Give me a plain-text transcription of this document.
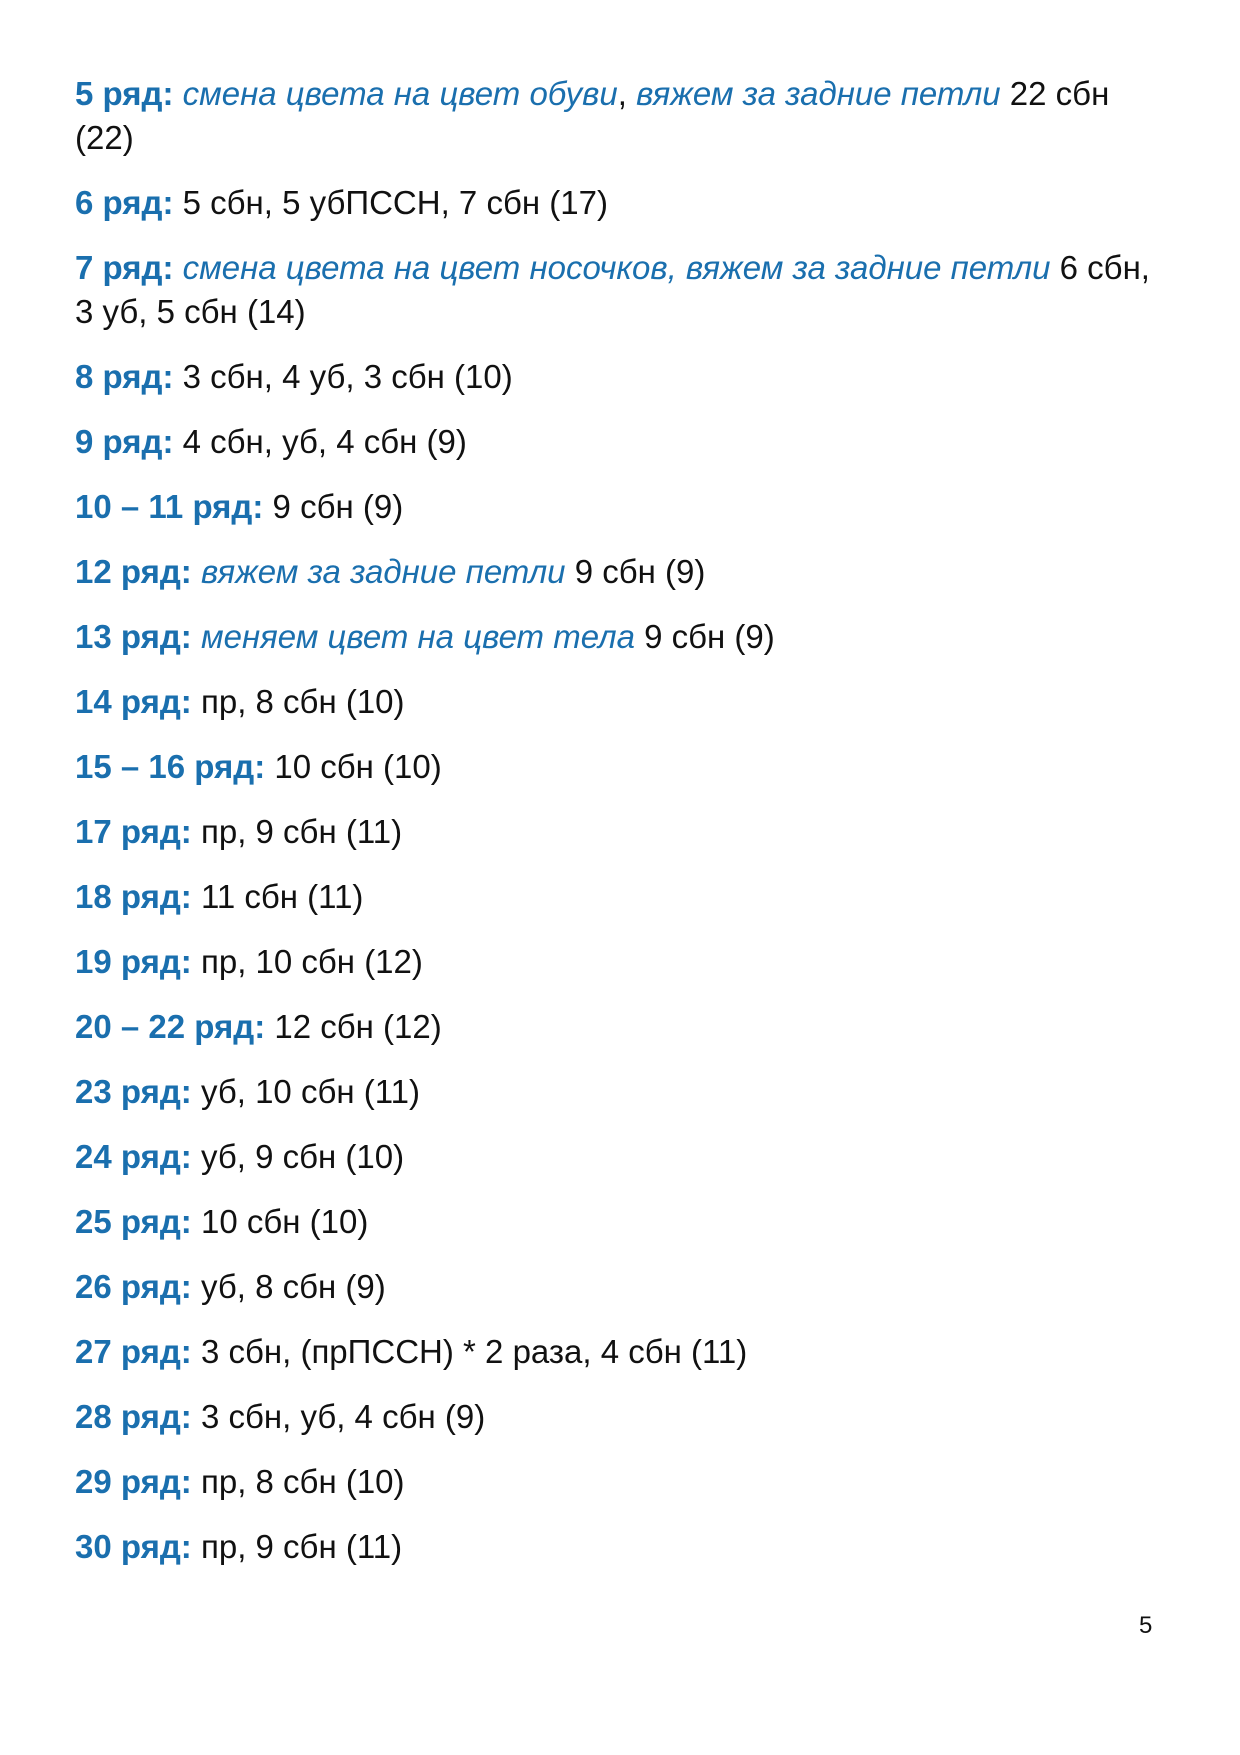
5 ряд: смена цвета на цвет обуви, вяжем за задние петли 22 сбн (22)

6 ряд: 5 сбн, 5 убПССН, 7 сбн (17)

7 ряд: смена цвета на цвет носочков, вяжем за задние петли 6 сбн, 3 уб, 5 сбн (14)

8 ряд: 3 сбн, 4 уб, 3 сбн (10)

9 ряд: 4 сбн, уб, 4 сбн (9)

10 – 11 ряд: 9 сбн (9)

12 ряд: вяжем за задние петли 9 сбн (9)

13 ряд: меняем цвет на цвет тела 9 сбн (9)

14 ряд: пр, 8 сбн (10)

15 – 16 ряд: 10 сбн (10)

17 ряд: пр, 9 сбн (11)

18 ряд: 11 сбн (11)

19 ряд: пр, 10 сбн (12)

20 – 22 ряд: 12 сбн (12)

23 ряд: уб, 10 сбн (11)

24 ряд: уб, 9 сбн (10)

25 ряд: 10 сбн (10)

26 ряд: уб, 8 сбн (9)

27 ряд: 3 сбн, (прПССН) * 2 раза, 4 сбн (11)

28 ряд: 3 сбн, уб, 4 сбн (9)

29 ряд: пр, 8 сбн (10)

30 ряд: пр, 9 сбн (11)

5
